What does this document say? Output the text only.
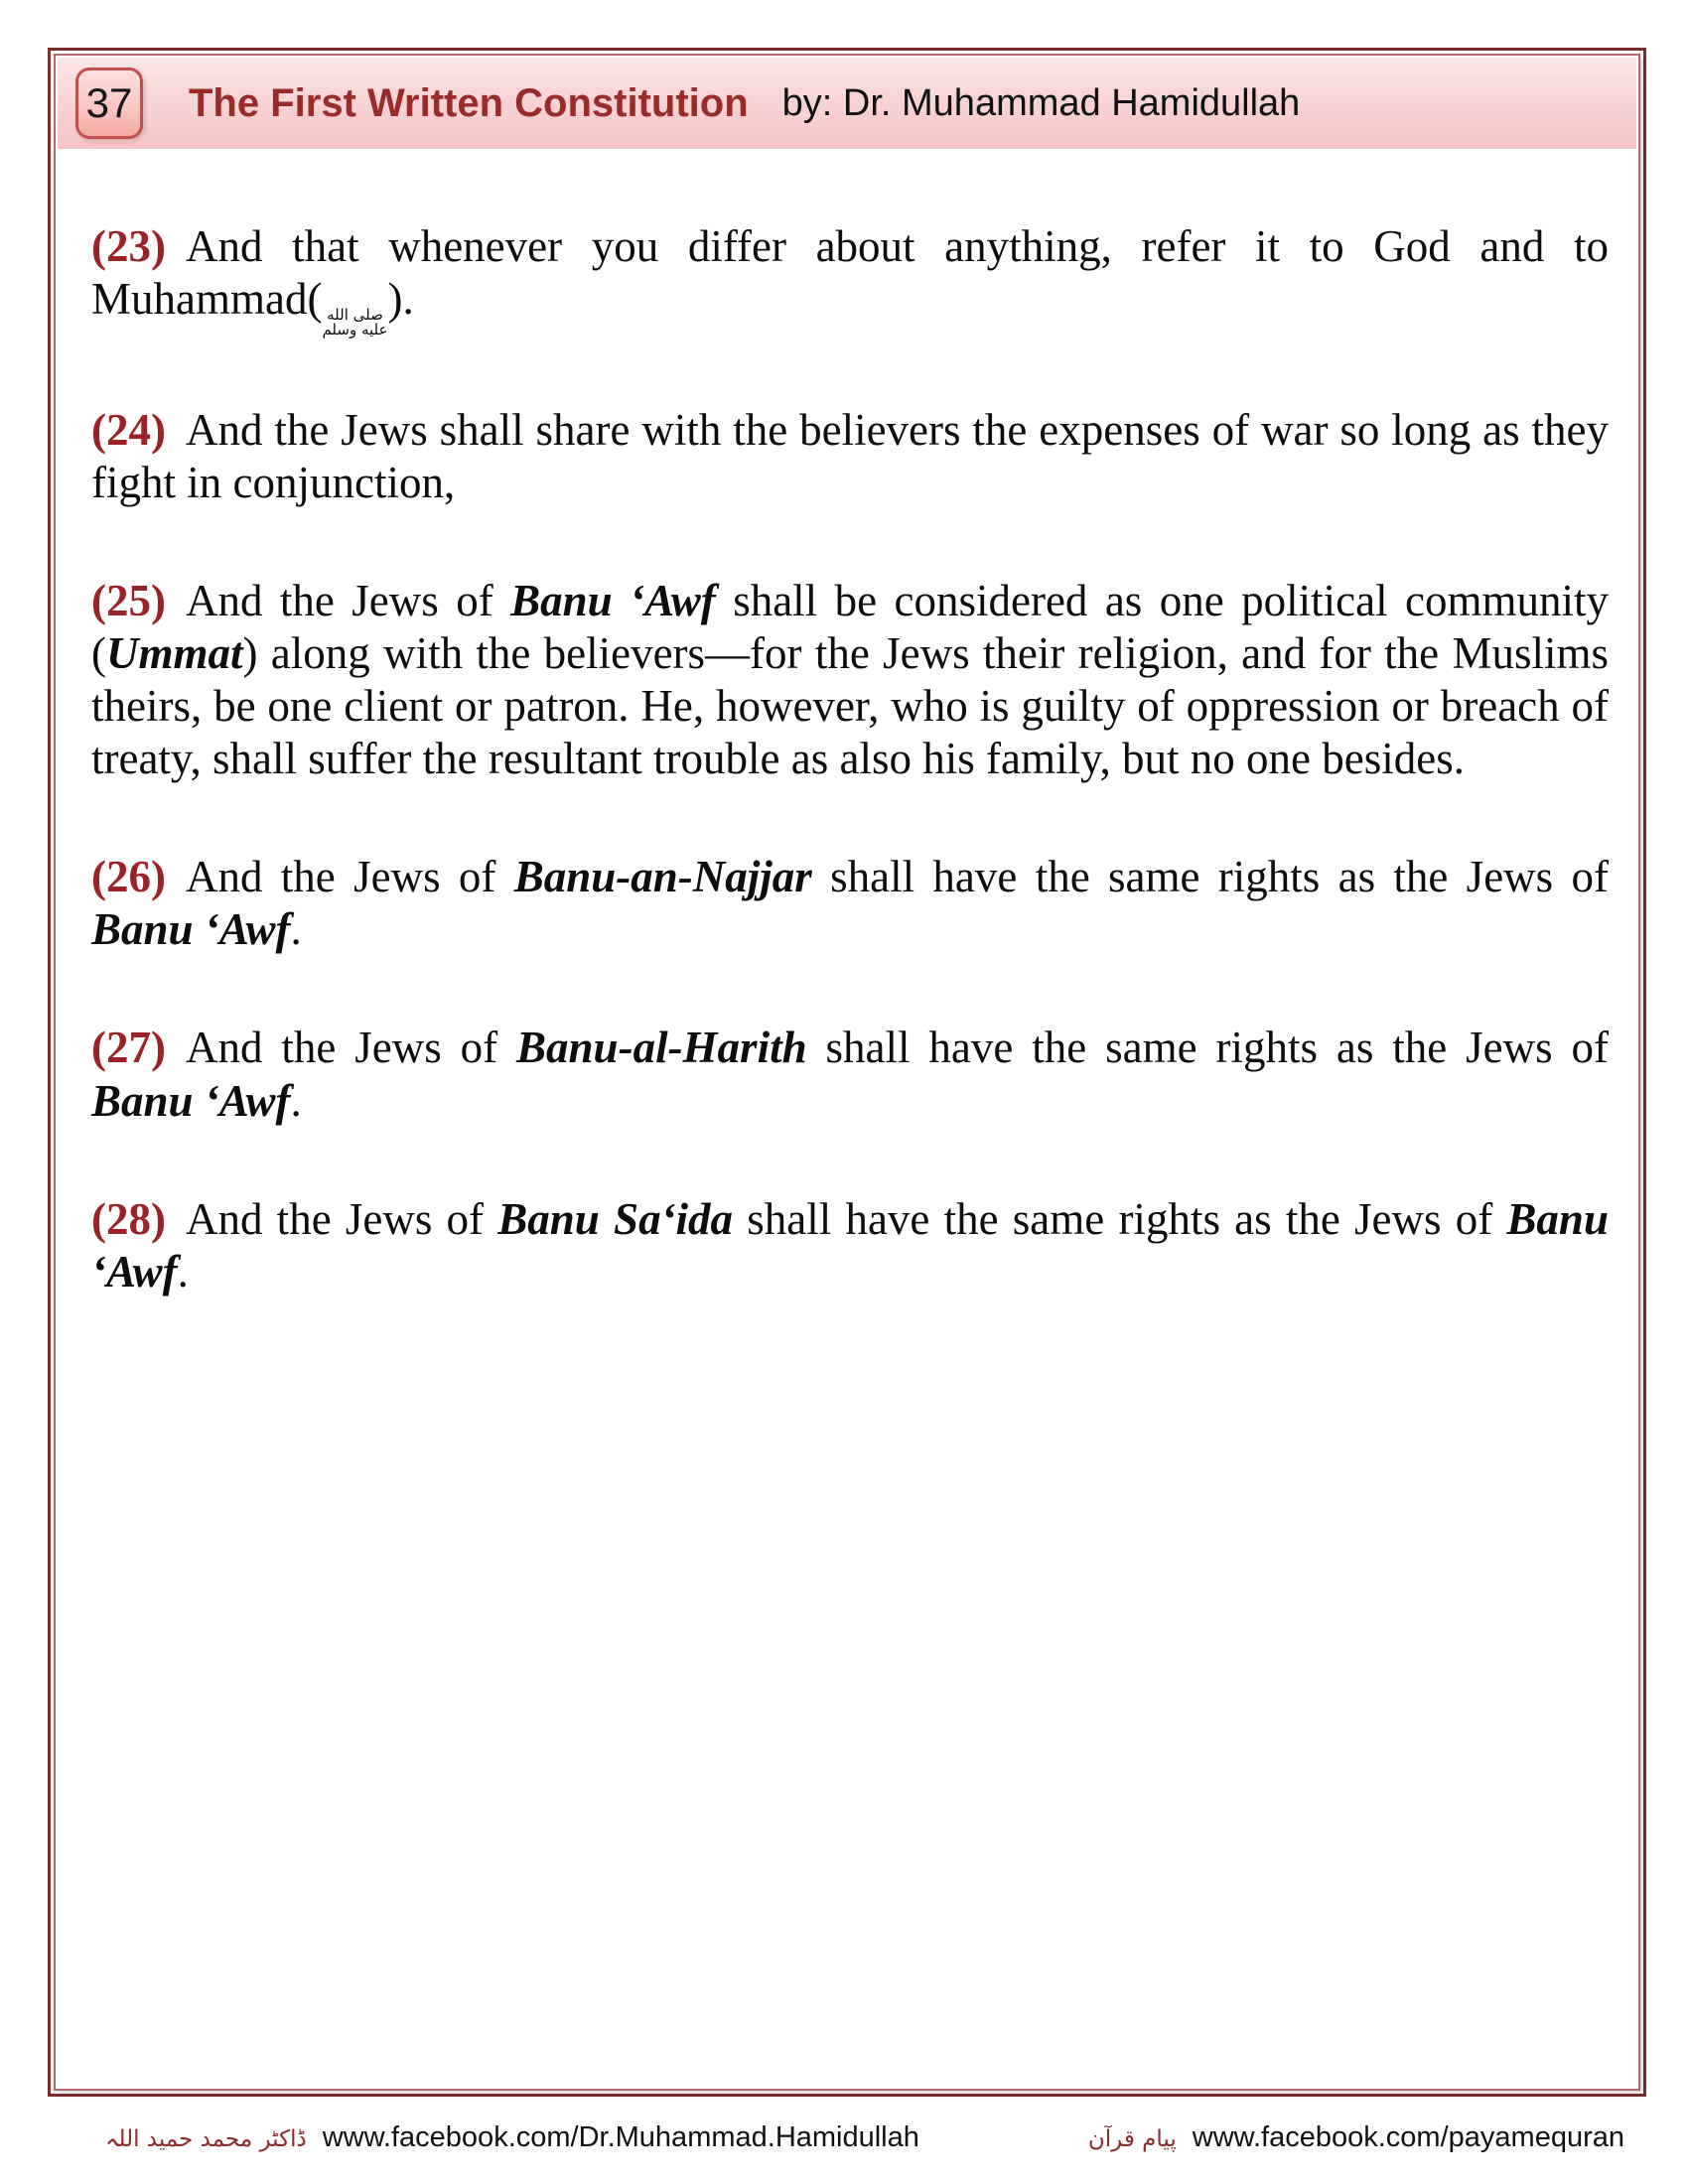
37 The First Written Constitution by: Dr. Muhammad Hamidullah

(23) And that whenever you differ about anything, refer it to God and to Muhammad( صلى الله
عليه وسلم
).

(24) And the Jews shall share with the believers the expenses of war so long as they fight in conjunction,

(25) And the Jews of Banu ‘Awf shall be considered as one political community (Ummat) along with the believers—for the Jews their religion, and for the Muslims theirs, be one client or patron. He, however, who is guilty of oppression or breach of treaty, shall suffer the resultant trouble as also his family, but no one besides.

(26) And the Jews of Banu-an-Najjar shall have the same rights as the Jews of Banu ‘Awf.

(27) And the Jews of Banu-al-Harith shall have the same rights as the Jews of Banu ‘Awf.

(28) And the Jews of Banu Sa‘ida shall have the same rights as the Jews of Banu ‘Awf.

ڈاکٹر محمد حمید اللہ www.facebook.com/Dr.Muhammad.Hamidullah	پیام قرآن www.facebook.com/payamequran
